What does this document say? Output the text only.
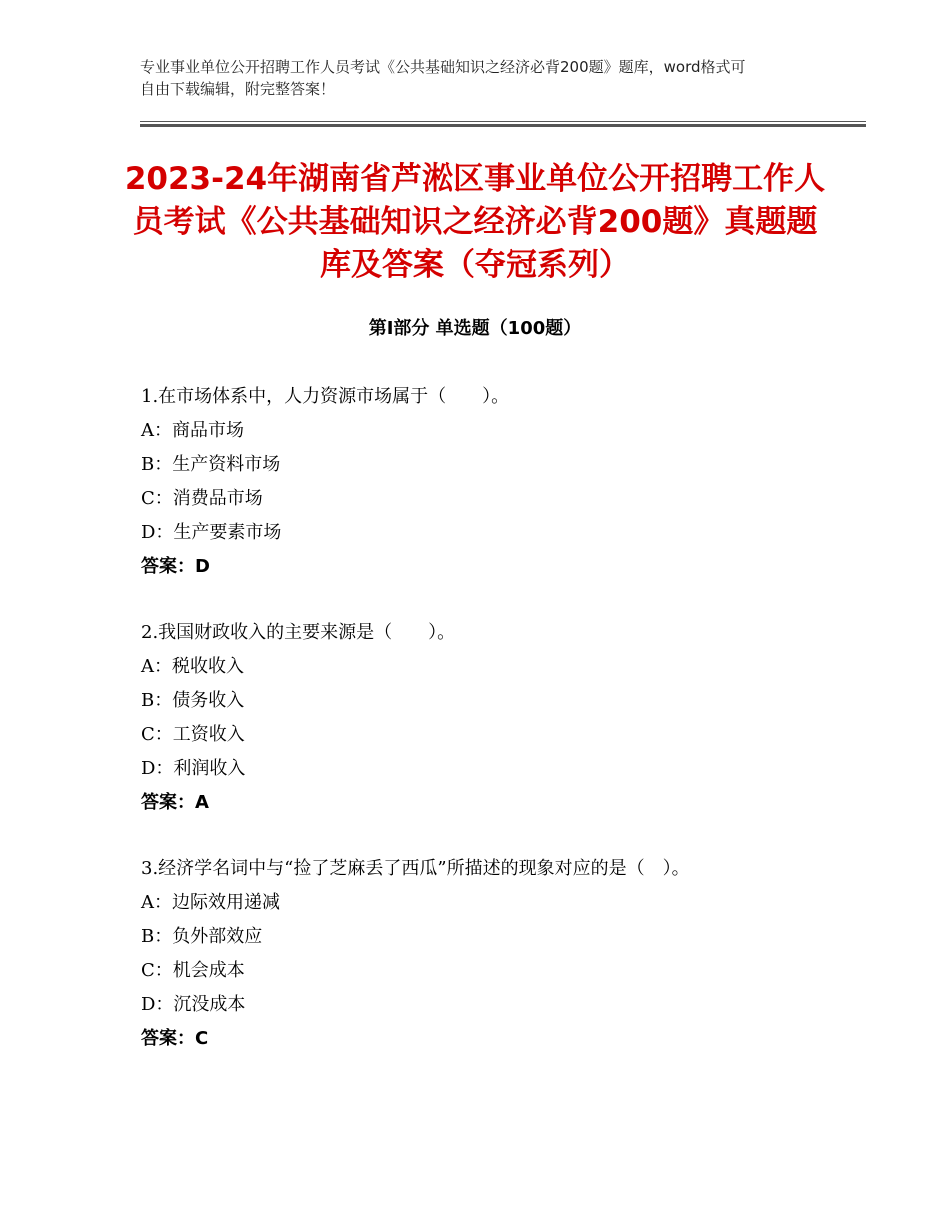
专业事业单位公开招聘工作人员考试《公共基础知识之经济必背200题》题库，word格式可自由下载编辑，附完整答案！
2023-24年湖南省芦淞区事业单位公开招聘工作人员考试《公共基础知识之经济必背200题》真题题库及答案（夺冠系列）
第Ⅰ部分 单选题（100题）
1.在市场体系中，人力资源市场属于（　　）。
A：商品市场
B：生产资料市场
C：消费品市场
D：生产要素市场
答案：D
2.我国财政收入的主要来源是（　　）。
A：税收收入
B：债务收入
C：工资收入
D：利润收入
答案：A
3.经济学名词中与“捡了芝麻丢了西瓜”所描述的现象对应的是（　）。
A：边际效用递减
B：负外部效应
C：机会成本
D：沉没成本
答案：C
